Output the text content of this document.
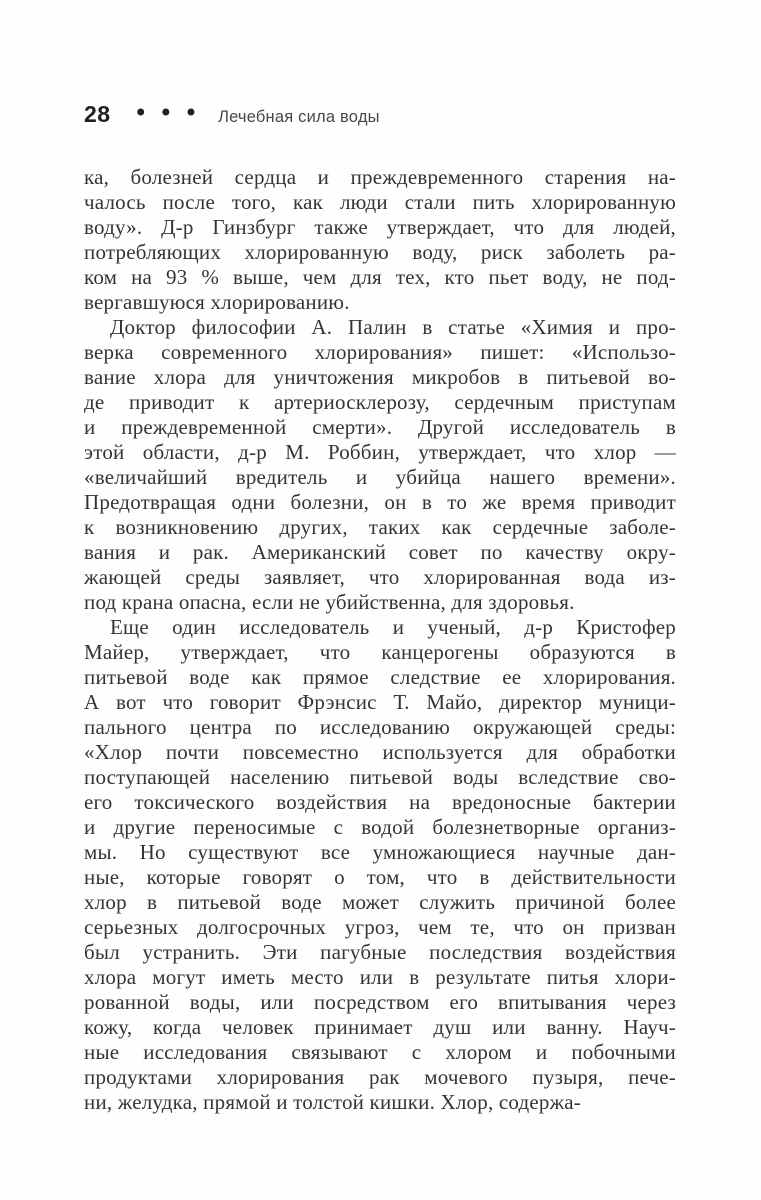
28 ••• Лечебная сила воды
ка, болезней сердца и преждевременного старения на-
чалось после того, как люди стали пить хлорированную
воду». Д-р Гинзбург также утверждает, что для людей,
потребляющих хлорированную воду, риск заболеть ра-
ком на 93 % выше, чем для тех, кто пьет воду, не под-
вергавшуюся хлорированию.
Доктор философии А. Палин в статье «Химия и про-
верка современного хлорирования» пишет: «Использо-
вание хлора для уничтожения микробов в питьевой во-
де приводит к артериосклерозу, сердечным приступам
и преждевременной смерти». Другой исследователь в
этой области, д-р М. Роббин, утверждает, что хлор —
«величайший вредитель и убийца нашего времени».
Предотвращая одни болезни, он в то же время приводит
к возникновению других, таких как сердечные заболе-
вания и рак. Американский совет по качеству окру-
жающей среды заявляет, что хлорированная вода из-
под крана опасна, если не убийственна, для здоровья.
Еще один исследователь и ученый, д-р Кристофер
Майер, утверждает, что канцерогены образуются в
питьевой воде как прямое следствие ее хлорирования.
А вот что говорит Фрэнсис Т. Майо, директор муници-
пального центра по исследованию окружающей среды:
«Хлор почти повсеместно используется для обработки
поступающей населению питьевой воды вследствие сво-
его токсического воздействия на вредоносные бактерии
и другие переносимые с водой болезнетворные организ-
мы. Но существуют все умножающиеся научные дан-
ные, которые говорят о том, что в действительности
хлор в питьевой воде может служить причиной более
серьезных долгосрочных угроз, чем те, что он призван
был устранить. Эти пагубные последствия воздействия
хлора могут иметь место или в результате питья хлори-
рованной воды, или посредством его впитывания через
кожу, когда человек принимает душ или ванну. Науч-
ные исследования связывают с хлором и побочными
продуктами хлорирования рак мочевого пузыря, пече-
ни, желудка, прямой и толстой кишки. Хлор, содержа-
